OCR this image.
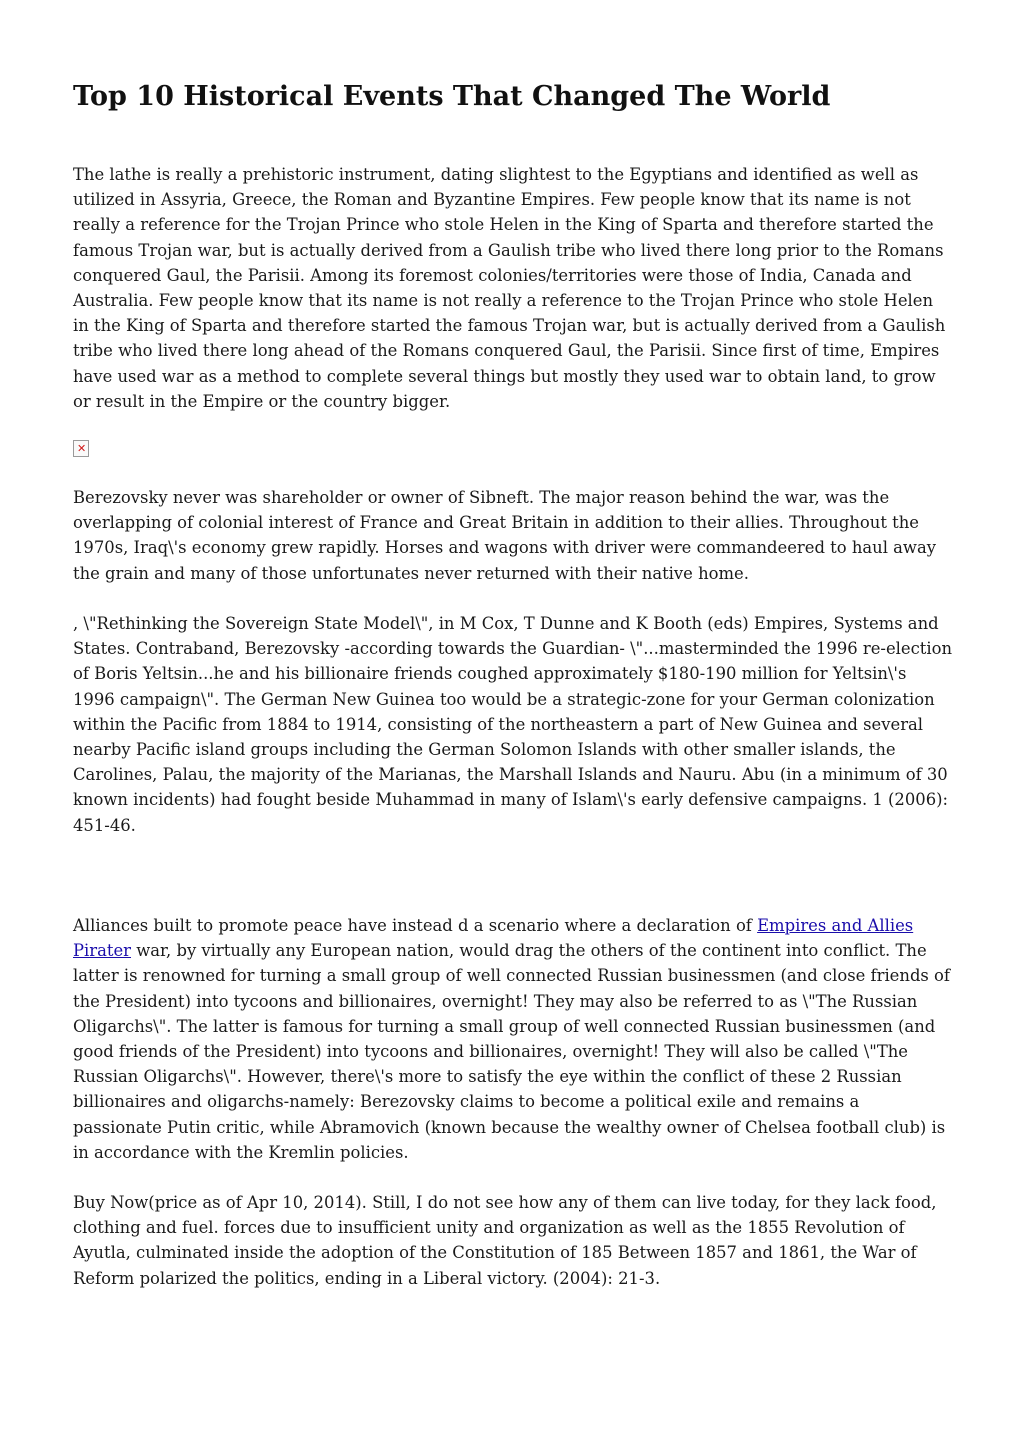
Top 10 Historical Events That Changed The World

The lathe is really a prehistoric instrument, dating slightest to the Egyptians and identified as well as utilized in Assyria, Greece, the Roman and Byzantine Empires. Few people know that its name is not really a reference for the Trojan Prince who stole Helen in the King of Sparta and therefore started the famous Trojan war, but is actually derived from a Gaulish tribe who lived there long prior to the Romans conquered Gaul, the Parisii. Among its foremost colonies/territories were those of India, Canada and Australia. Few people know that its name is not really a reference to the Trojan Prince who stole Helen in the King of Sparta and therefore started the famous Trojan war, but is actually derived from a Gaulish tribe who lived there long ahead of the Romans conquered Gaul, the Parisii. Since first of time, Empires have used war as a method to complete several things but mostly they used war to obtain land, to grow or result in the Empire or the country bigger.

✕

Berezovsky never was shareholder or owner of Sibneft. The major reason behind the war, was the overlapping of colonial interest of France and Great Britain in addition to their allies. Throughout the 1970s, Iraq\'s economy grew rapidly. Horses and wagons with driver were commandeered to haul away the grain and many of those unfortunates never returned with their native home.

, \"Rethinking the Sovereign State Model\", in M Cox, T Dunne and K Booth (eds) Empires, Systems and States. Contraband, Berezovsky -according towards the Guardian- \"...masterminded the 1996 re-election of Boris Yeltsin...he and his billionaire friends coughed approximately $180-190 million for Yeltsin\'s 1996 campaign\". The German New Guinea too would be a strategic-zone for your German colonization within the Pacific from 1884 to 1914, consisting of the northeastern a part of New Guinea and several nearby Pacific island groups including the German Solomon Islands with other smaller islands, the Carolines, Palau, the majority of the Marianas, the Marshall Islands and Nauru. Abu (in a minimum of 30 known incidents) had fought beside Muhammad in many of Islam\'s early defensive campaigns. 1 (2006): 451-46.

Alliances built to promote peace have instead d a scenario where a declaration of Empires and Allies Pirater war, by virtually any European nation, would drag the others of the continent into conflict. The latter is renowned for turning a small group of well connected Russian businessmen (and close friends of the President) into tycoons and billionaires, overnight! They may also be referred to as \"The Russian Oligarchs\". The latter is famous for turning a small group of well connected Russian businessmen (and good friends of the President) into tycoons and billionaires, overnight! They will also be called \"The Russian Oligarchs\". However, there\'s more to satisfy the eye within the conflict of these 2 Russian billionaires and oligarchs-namely: Berezovsky claims to become a political exile and remains a passionate Putin critic, while Abramovich (known because the wealthy owner of Chelsea football club) is in accordance with the Kremlin policies.

Buy Now(price as of Apr 10, 2014). Still, I do not see how any of them can live today, for they lack food, clothing and fuel. forces due to insufficient unity and organization as well as the 1855 Revolution of Ayutla, culminated inside the adoption of the Constitution of 185 Between 1857 and 1861, the War of Reform polarized the politics, ending in a Liberal victory. (2004): 21-3.
